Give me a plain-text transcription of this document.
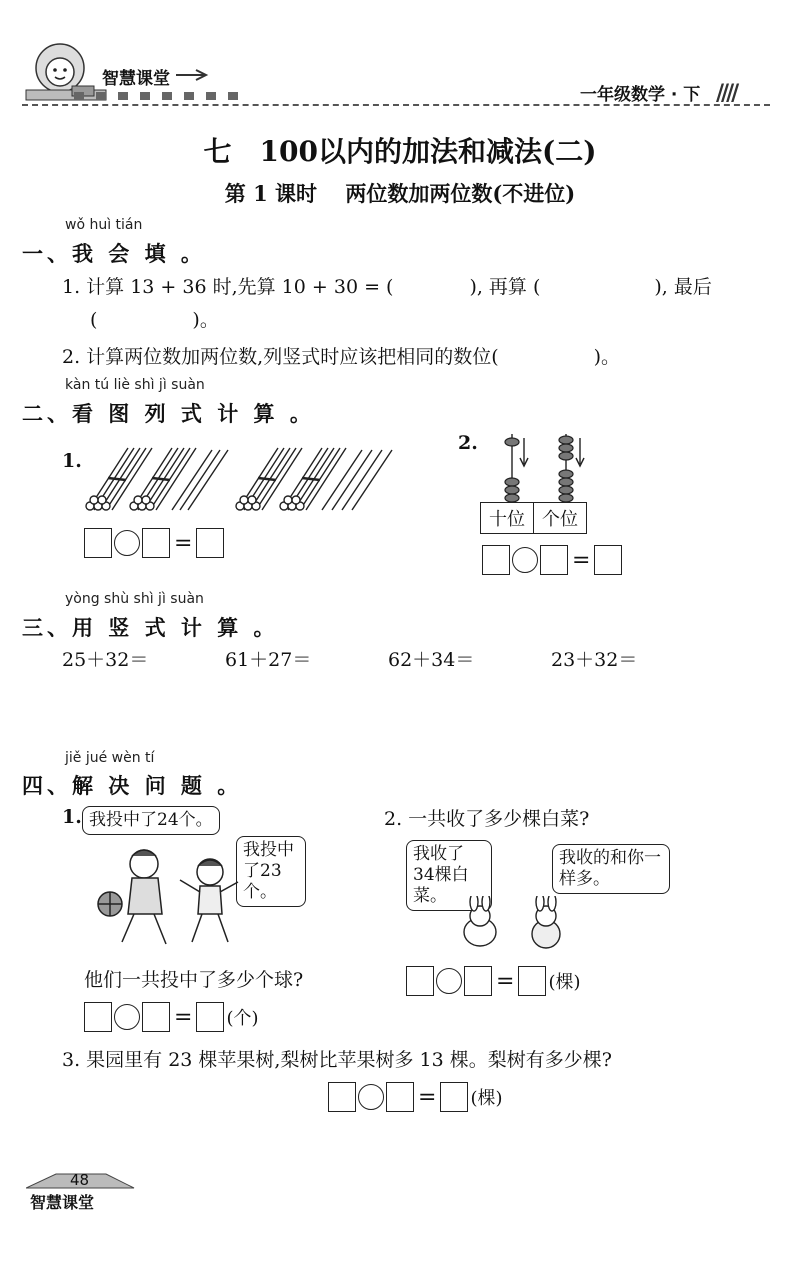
智慧课堂
一年级数学 · 下 ////
七　100以内的加法和减法(二)
第 1 课时　 两位数加两位数(不进位)
wǒ huì tián
一、我 会 填 。
1. 计算 13 + 36 时,先算 10 + 30 = (　　　　), 再算 (　　　　　　), 最后
(　　　　　)。
2. 计算两位数加两位数,列竖式时应该把相同的数位(　　　　　)。
kàn tú liè shì jì suàn
二、看 图 列 式 计 算 。
1.
=
2.
十位	个位
=
yòng shù shì jì suàn
三、用 竖 式 计 算 。
25＋32＝	61＋27＝	62＋34＝	23＋32＝
jiě jué wèn tí
四、解 决 问 题 。
1. 我投中了24个。
我投中了23个。
他们一共投中了多少个球?
= (个)
2. 一共收了多少棵白菜?
我收了34棵白菜。
我收的和你一样多。
= (棵)
3. 果园里有 23 棵苹果树,梨树比苹果树多 13 棵。梨树有多少棵?
= (棵)
48
智慧课堂
